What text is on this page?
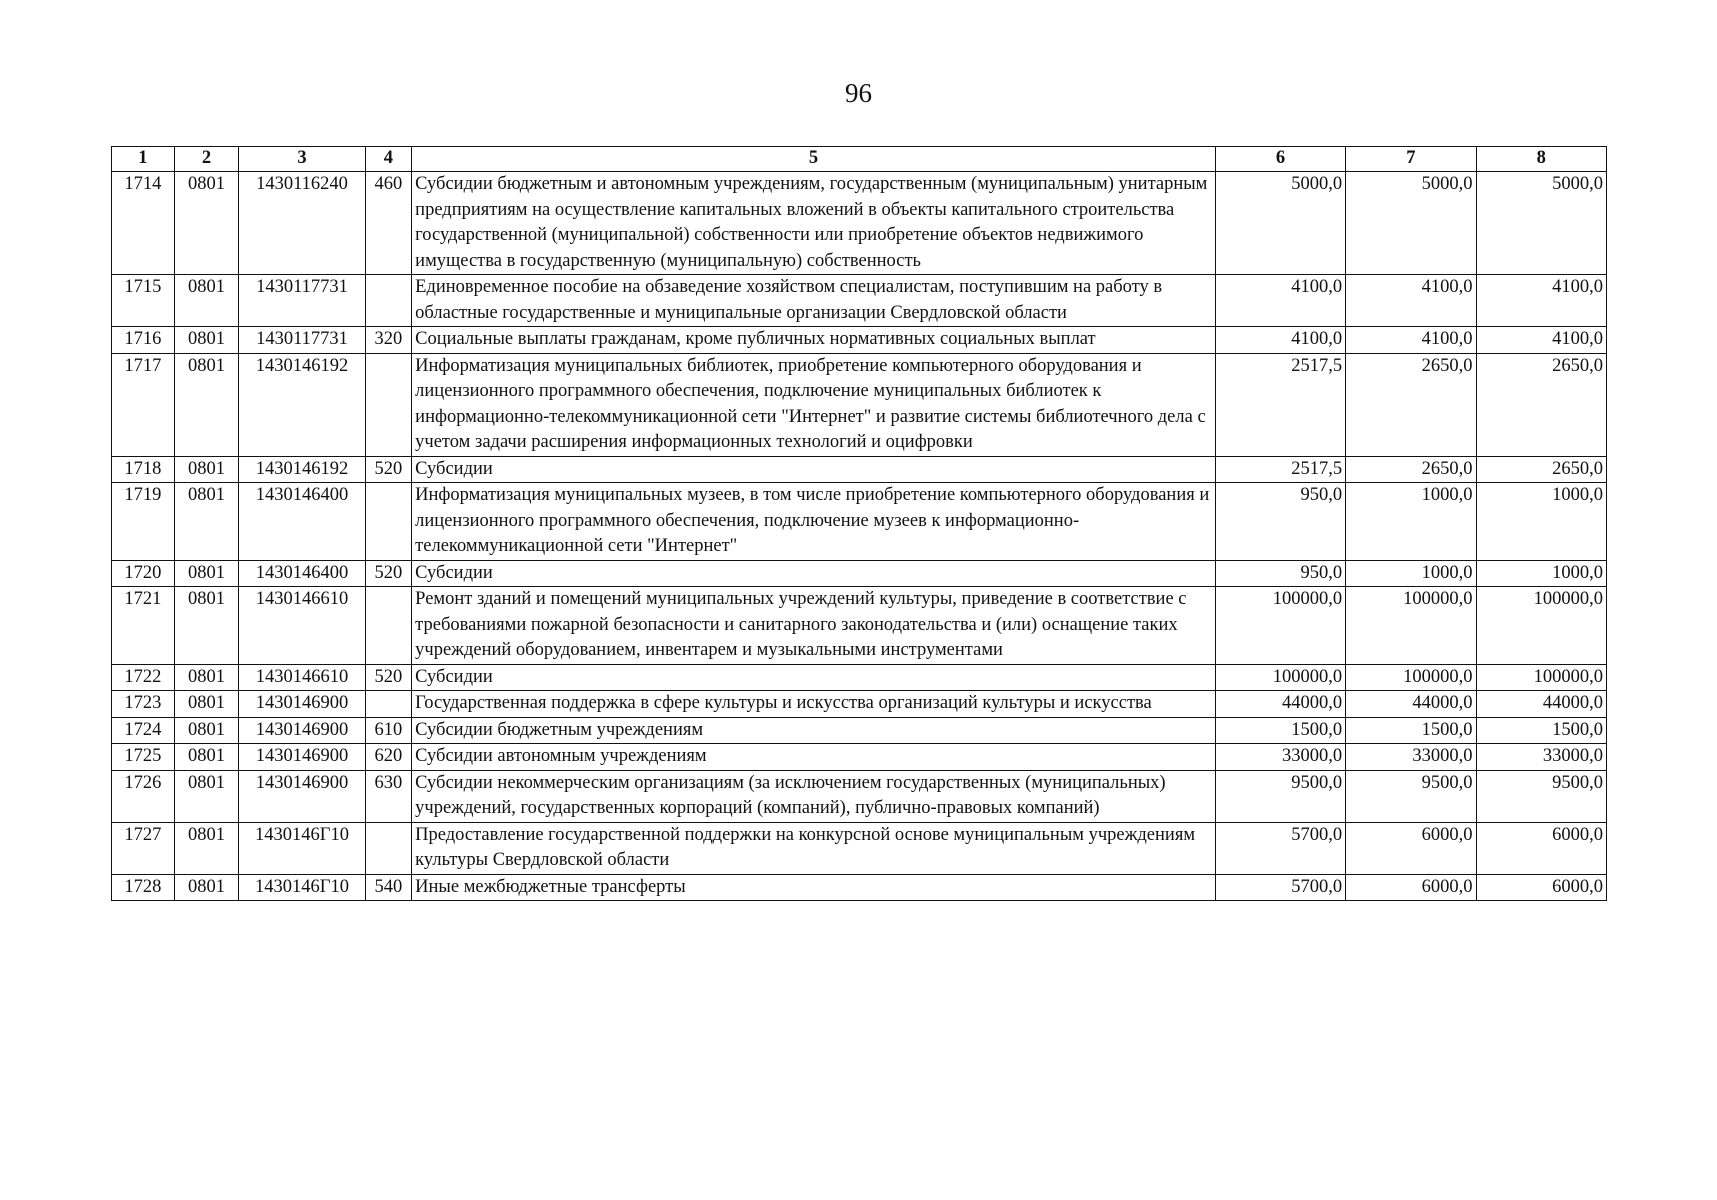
96
1	2	3	4	5	6	7	8
1714	0801	1430116240	460	Субсидии бюджетным и автономным учреждениям, государственным (муниципальным) унитарным предприятиям на осуществление капитальных вложений в объекты капитального строительства государственной (муниципальной) собственности или приобретение объектов недвижимого имущества в государственную (муниципальную) собственность	5000,0	5000,0	5000,0
1715	0801	1430117731		Единовременное пособие на обзаведение хозяйством специалистам, поступившим на работу в областные государственные и муниципальные организации Свердловской области	4100,0	4100,0	4100,0
1716	0801	1430117731	320	Социальные выплаты гражданам, кроме публичных нормативных социальных выплат	4100,0	4100,0	4100,0
1717	0801	1430146192		Информатизация муниципальных библиотек, приобретение компьютерного оборудования и лицензионного программного обеспечения, подключение муниципальных библиотек к информационно-телекоммуникационной сети "Интернет" и развитие системы библиотечного дела с учетом задачи расширения информационных технологий и оцифровки	2517,5	2650,0	2650,0
1718	0801	1430146192	520	Субсидии	2517,5	2650,0	2650,0
1719	0801	1430146400		Информатизация муниципальных музеев, в том числе приобретение компьютерного оборудования и лицензионного программного обеспечения, подключение музеев к информационно-телекоммуникационной сети "Интернет"	950,0	1000,0	1000,0
1720	0801	1430146400	520	Субсидии	950,0	1000,0	1000,0
1721	0801	1430146610		Ремонт зданий и помещений муниципальных учреждений культуры, приведение в соответствие с требованиями пожарной безопасности и санитарного законодательства и (или) оснащение таких учреждений оборудованием, инвентарем и музыкальными инструментами	100000,0	100000,0	100000,0
1722	0801	1430146610	520	Субсидии	100000,0	100000,0	100000,0
1723	0801	1430146900		Государственная поддержка в сфере культуры и искусства организаций культуры и искусства	44000,0	44000,0	44000,0
1724	0801	1430146900	610	Субсидии бюджетным учреждениям	1500,0	1500,0	1500,0
1725	0801	1430146900	620	Субсидии автономным учреждениям	33000,0	33000,0	33000,0
1726	0801	1430146900	630	Субсидии некоммерческим организациям (за исключением государственных (муниципальных) учреждений, государственных корпораций (компаний), публично-правовых компаний)	9500,0	9500,0	9500,0
1727	0801	1430146Г10		Предоставление государственной поддержки на конкурсной основе муниципальным учреждениям культуры Свердловской области	5700,0	6000,0	6000,0
1728	0801	1430146Г10	540	Иные межбюджетные трансферты	5700,0	6000,0	6000,0
